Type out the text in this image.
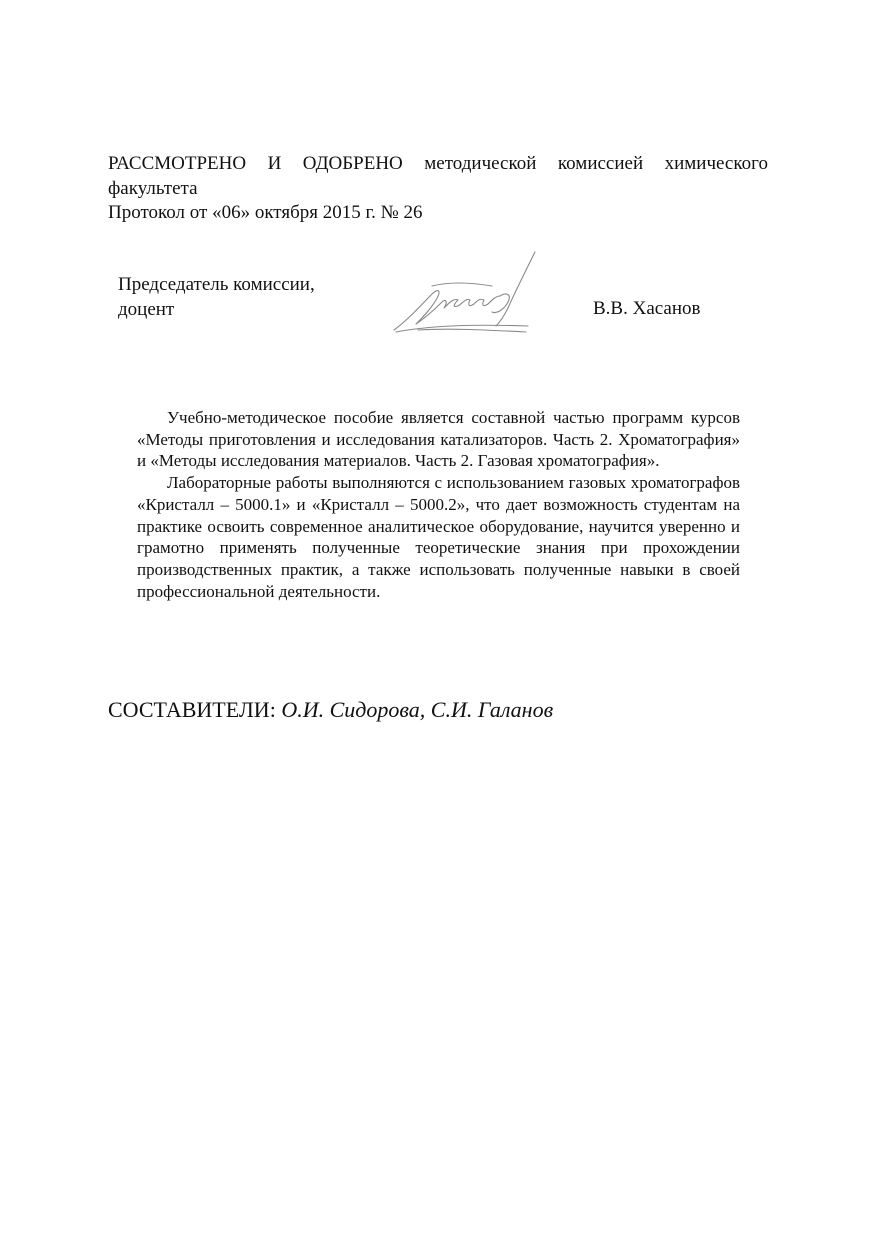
РАССМОТРЕНО И ОДОБРЕНО методической комиссией химического
факультета
Протокол от «06» октября 2015 г. № 26
Председатель комиссии,
доцент	В.В. Хасанов

Учебно-методическое пособие является составной частью программ курсов «Методы приготовления и исследования катализаторов. Часть 2. Хроматография» и «Методы исследования материалов. Часть 2. Газовая хроматография».

Лабораторные работы выполняются с использованием газовых хроматографов «Кристалл – 5000.1» и «Кристалл – 5000.2», что дает возможность студентам на практике освоить современное аналитическое оборудование, научится уверенно и грамотно применять полученные теоретические знания при прохождении производственных практик, а также использовать полученные навыки в своей профессиональной деятельности.

СОСТАВИТЕЛИ: О.И. Сидорова, С.И. Галанов
